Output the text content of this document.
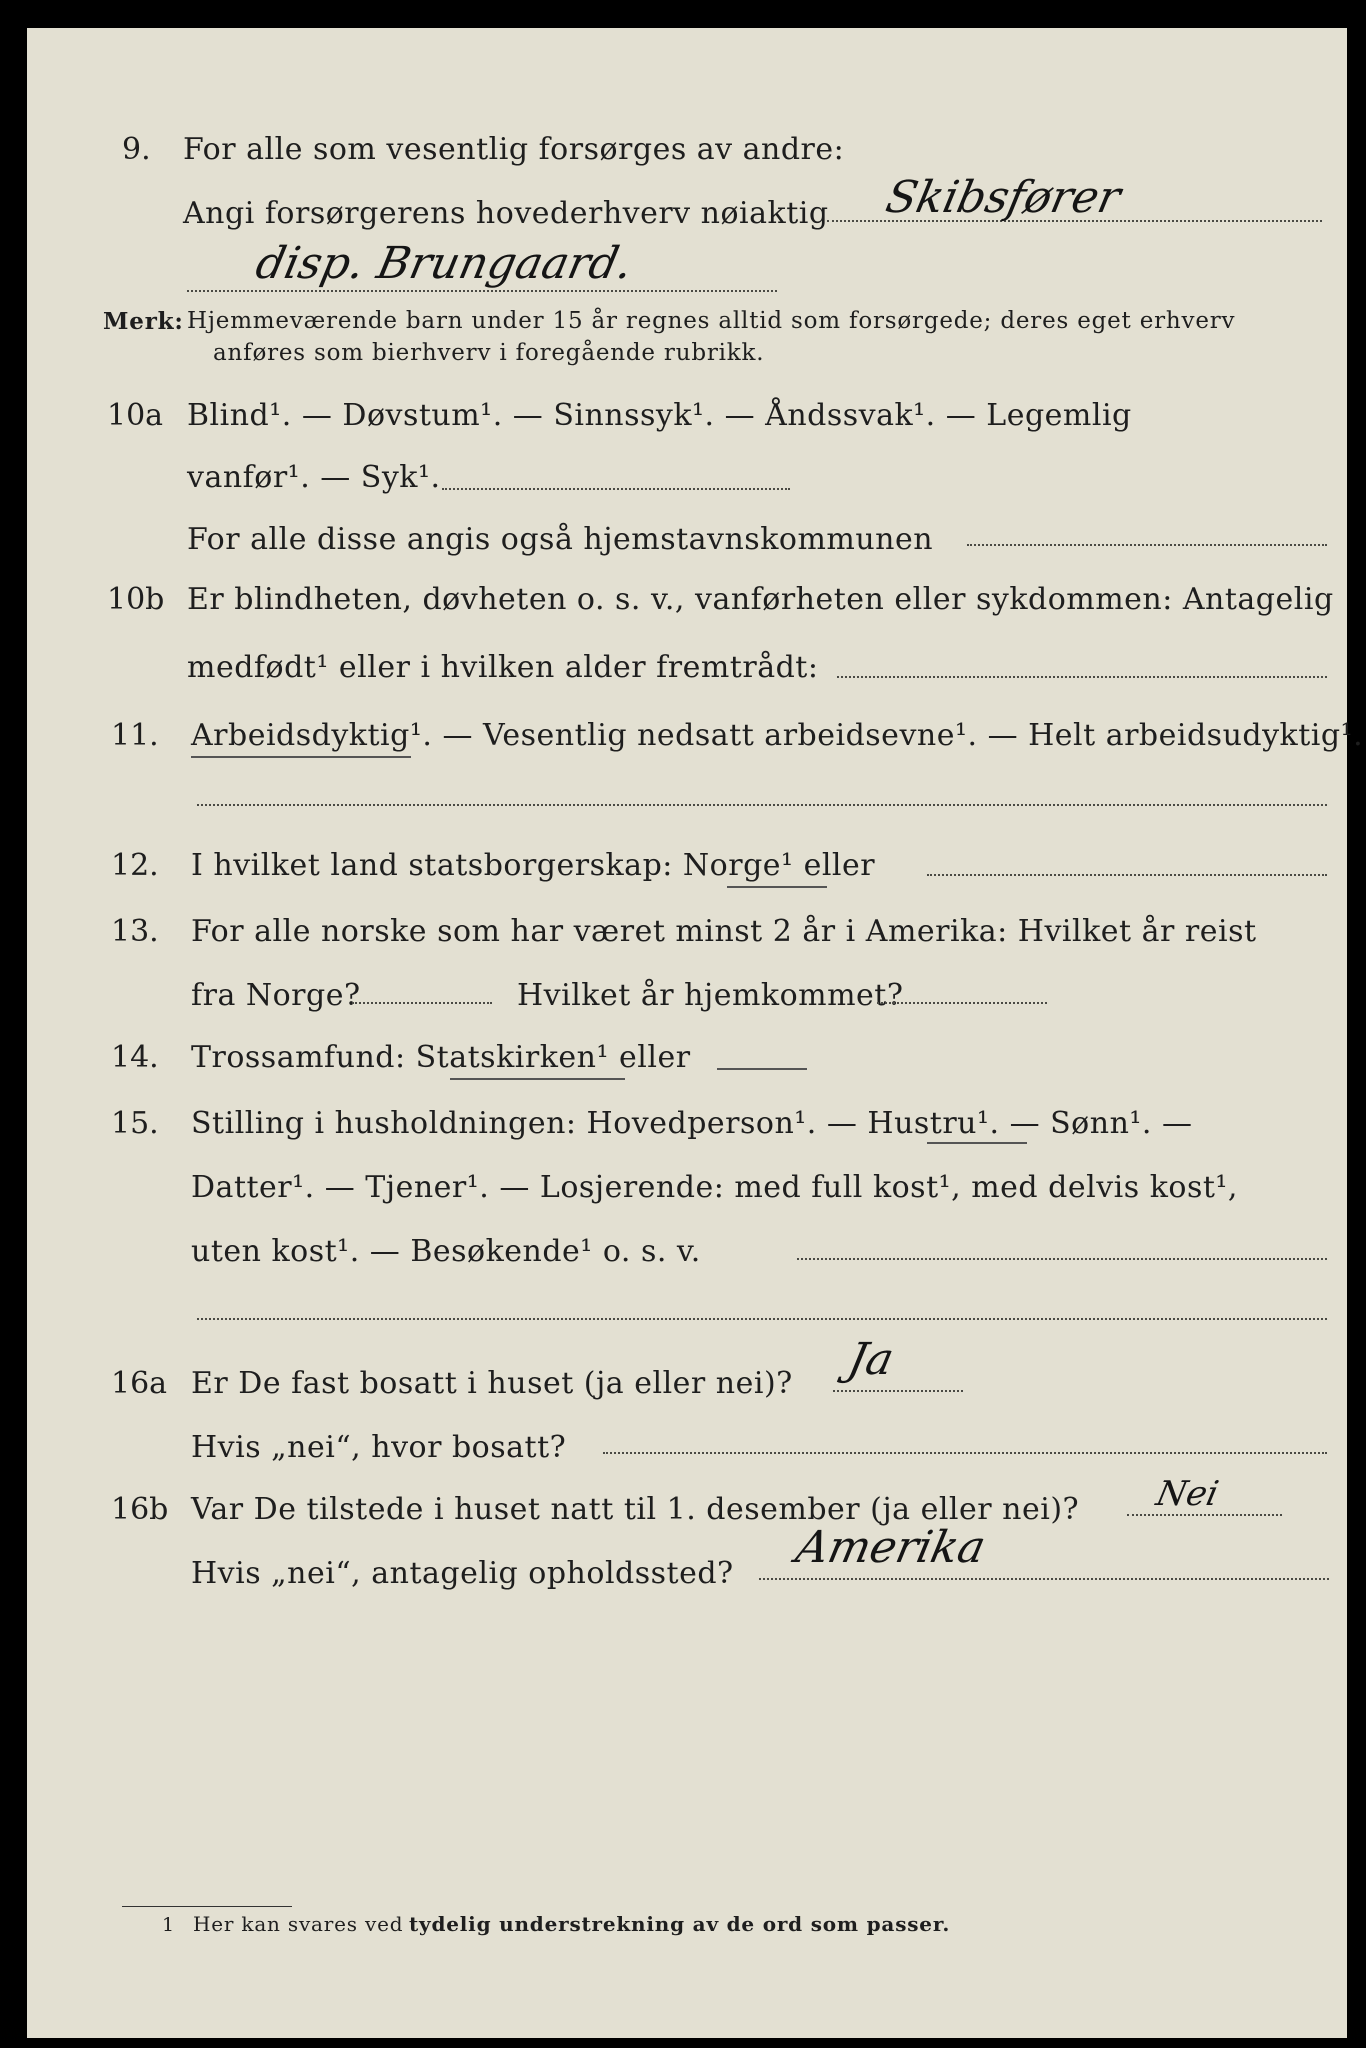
9. For alle som vesentlig forsørges av andre:
Angi forsørgerens hovederhverv nøiaktig Skibsfører
disp. Brungaard.
Merk: Hjemmeværende barn under 15 år regnes alltid som forsørgede; deres eget erhverv
anføres som bierhverv i foregående rubrikk.
10a Blind¹. — Døvstum¹. — Sinnssyk¹. — Åndssvak¹. — Legemlig
vanfør¹. — Syk¹.
For alle disse angis også hjemstavnskommunen
10b Er blindheten, døvheten o. s. v., vanførheten eller sykdommen: Antagelig
medfødt¹ eller i hvilken alder fremtrådt:
11. Arbeidsdyktig¹. — Vesentlig nedsatt arbeidsevne¹. — Helt arbeidsudyktig¹.
12. I hvilket land statsborgerskap: Norge¹ eller
13. For alle norske som har været minst 2 år i Amerika: Hvilket år reist
fra Norge?	Hvilket år hjemkommet?
14. Trossamfund: Statskirken¹ eller
15. Stilling i husholdningen: Hovedperson¹. — Hustru¹. — Sønn¹. —
Datter¹. — Tjener¹. — Losjerende: med full kost¹, med delvis kost¹,
uten kost¹. — Besøkende¹ o. s. v.
16a Er De fast bosatt i huset (ja eller nei)? Ja
Hvis „nei“, hvor bosatt?
16b Var De tilstede i huset natt til 1. desember (ja eller nei)? Nei
Hvis „nei“, antagelig opholdssted?
Amerika
1 Her kan svares ved tydelig understrekning av de ord som passer.
